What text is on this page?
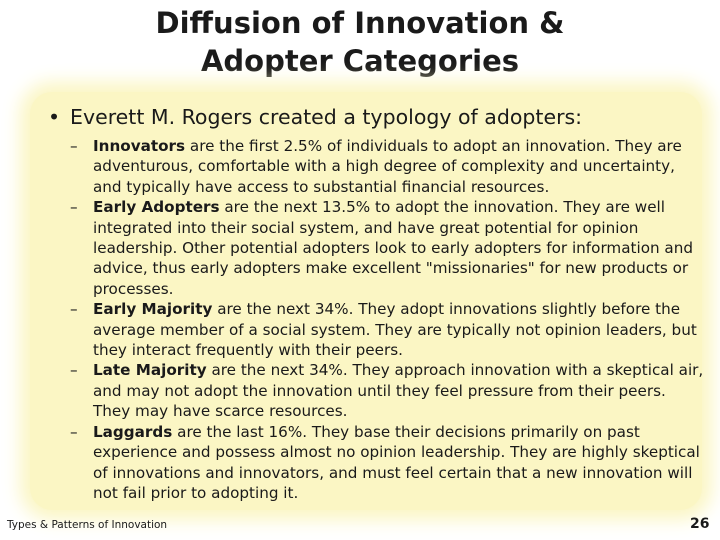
Diffusion of Innovation &
Adopter Categories
• Everett M. Rogers created a typology of adopters:

– Innovators are the first 2.5% of individuals to adopt an innovation. They are adventurous, comfortable with a high degree of complexity and uncertainty, and typically have access to substantial financial resources.

– Early Adopters are the next 13.5% to adopt the innovation. They are well integrated into their social system, and have great potential for opinion leadership. Other potential adopters look to early adopters for information and advice, thus early adopters make excellent "missionaries" for new products or processes.

– Early Majority are the next 34%. They adopt innovations slightly before the average member of a social system. They are typically not opinion leaders, but they interact frequently with their peers.

– Late Majority are the next 34%. They approach innovation with a skeptical air, and may not adopt the innovation until they feel pressure from their peers. They may have scarce resources.

– Laggards are the last 16%. They base their decisions primarily on past experience and possess almost no opinion leadership. They are highly skeptical of innovations and innovators, and must feel certain that a new innovation will not fail prior to adopting it.

Types & Patterns of Innovation	26
